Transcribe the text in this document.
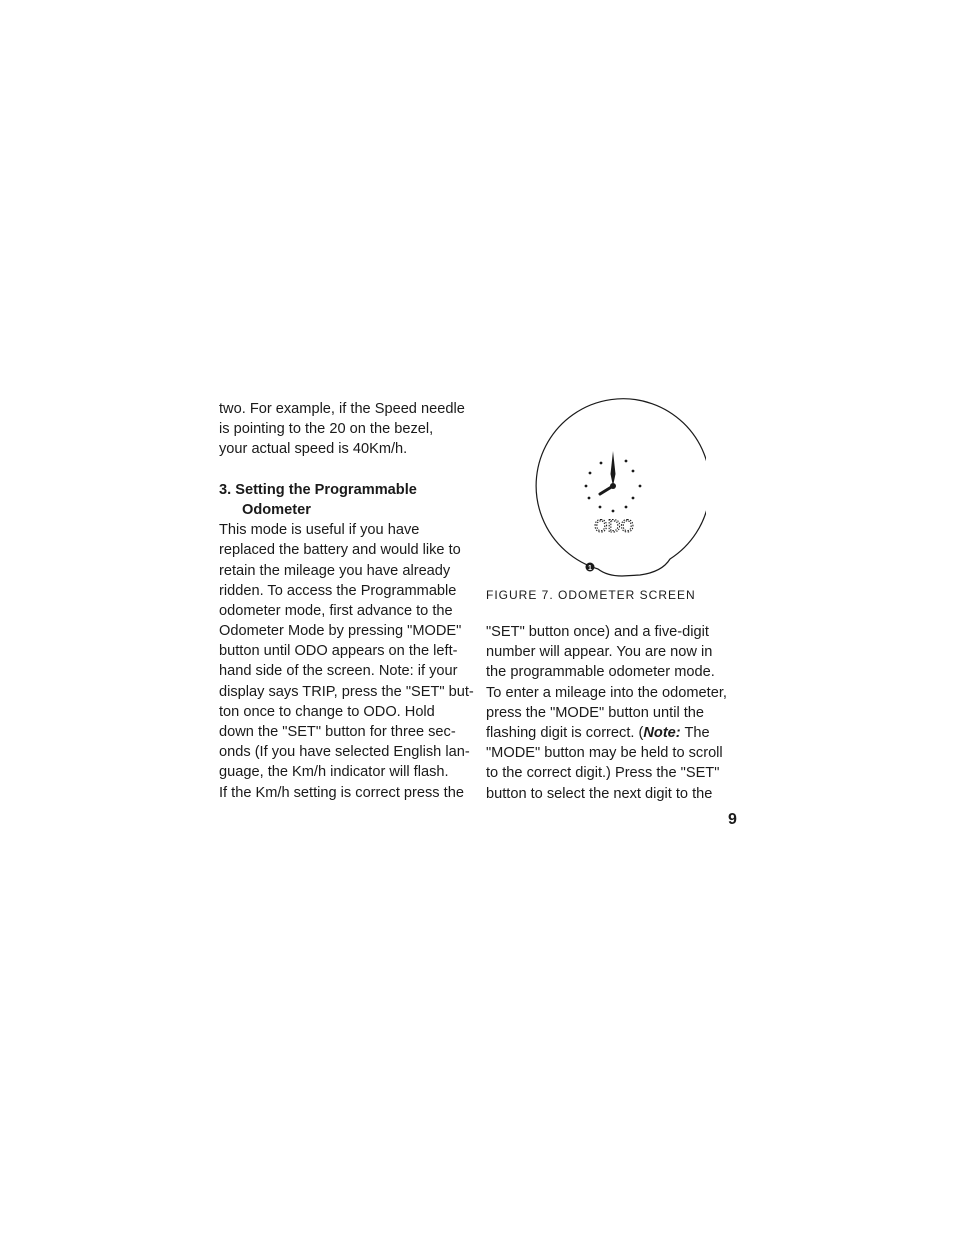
two. For example, if the Speed needle
is pointing to the 20 on the bezel,
your actual speed is 40Km/h.
3. Setting the Programmable
Odometer
This mode is useful if you have
replaced the battery and would like to
retain the mileage you have already
ridden. To access the Programmable
odometer mode, first advance to the
Odometer Mode by pressing "MODE"
button until ODO appears on the left-
hand side of the screen. Note: if your
display says TRIP, press the "SET" but-
ton once to change to ODO. Hold
down the "SET" button for three sec-
onds (If you have selected English lan-
guage, the Km/h indicator will flash.
If the Km/h setting is correct press the
ODO
1
FIGURE 7. ODOMETER SCREEN
"SET" button once) and a five-digit
number will appear. You are now in
the programmable odometer mode.
To enter a mileage into the odometer,
press the "MODE" button until the
flashing digit is correct. (Note: The
"MODE" button may be held to scroll
to the correct digit.) Press the "SET"
button to select the next digit to the
9
